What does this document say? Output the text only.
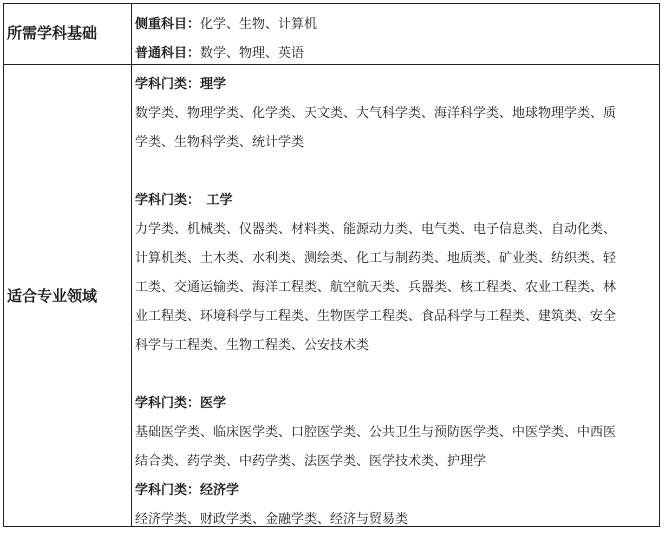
所需学科基础
适合专业领域
侧重科目：化学、生物、计算机
普通科目：数学、物理、英语
学科门类：理学
数学类、物理学类、化学类、天文类、大气科学类、海洋科学类、地球物理学类、质
学类、生物科学类、统计学类
学科门类：　工学
力学类、机械类、仪器类、材料类、能源动力类、电气类、电子信息类、自动化类、
计算机类、土木类、水利类、测绘类、化工与制药类、地质类、矿业类、纺织类、轻
工类、交通运输类、海洋工程类、航空航天类、兵器类、核工程类、农业工程类、林
业工程类、环境科学与工程类、生物医学工程类、食品科学与工程类、建筑类、安全
科学与工程类、生物工程类、公安技术类
学科门类：医学
基础医学类、临床医学类、口腔医学类、公共卫生与预防医学类、中医学类、中西医
结合类、药学类、中药学类、法医学类、医学技术类、护理学
学科门类：经济学
经济学类、财政学类、金融学类、经济与贸易类
